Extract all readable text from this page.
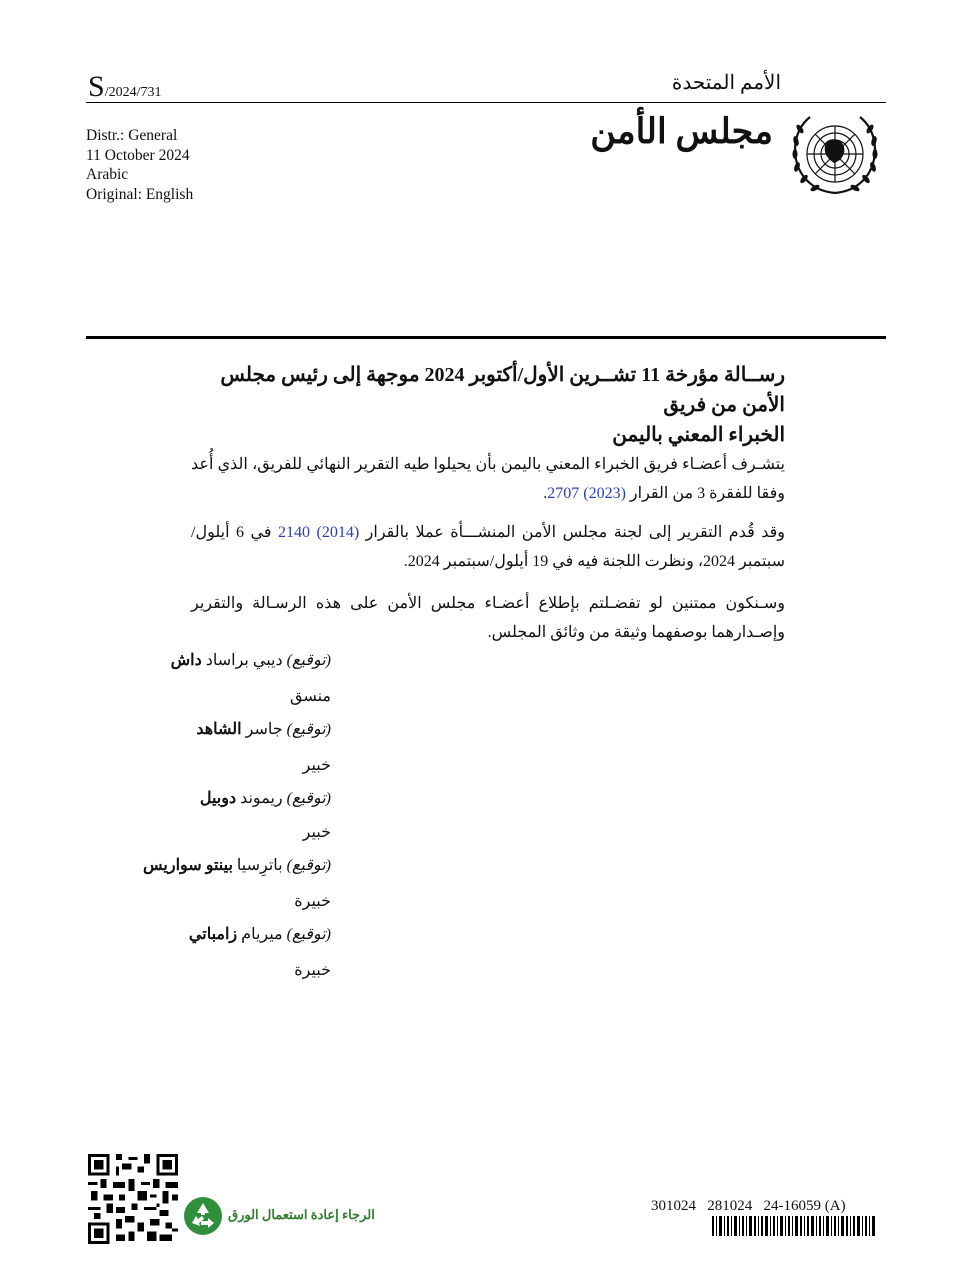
S/2024/731	الأمم المتحدة
Distr.: General
11 October 2024
Arabic
Original: English
مجلس الأمن
رســالة مؤرخة 11 تشــرين الأول/أكتوبر 2024 موجهة إلى رئيس مجلس الأمن من فريق
الخبراء المعني باليمن
يتشـرف أعضـاء فريق الخبراء المعني باليمن بأن يحيلوا طيه التقرير النهائي للفريق، الذي أُعد وفقا للفقرة 3 من القرار 2707 (2023).
وقد قُدم التقرير إلى لجنة مجلس الأمن المنشـــأة عملا بالقرار 2140 (2014) في 6 أيلول/سبتمبر 2024، ونظرت اللجنة فيه في 19 أيلول/سبتمبر 2024.
وسـنكون ممتنين لو تفضـلتم بإطلاع أعضـاء مجلس الأمن على هذه الرسـالة والتقرير وإصـدارهما بوصفهما وثيقة من وثائق المجلس.
(توقيع) ديبي براساد داش
منسق
(توقيع) جاسر الشاهد
خبير
(توقيع) ريموند دوبيل
خبير
(توقيع) باترِسيا بينتو سواريس
خبيرة
(توقيع) ميريام زامباتي
خبيرة
الرجاء إعادة استعمال الورق
301024   281024   24-16059 (A)
